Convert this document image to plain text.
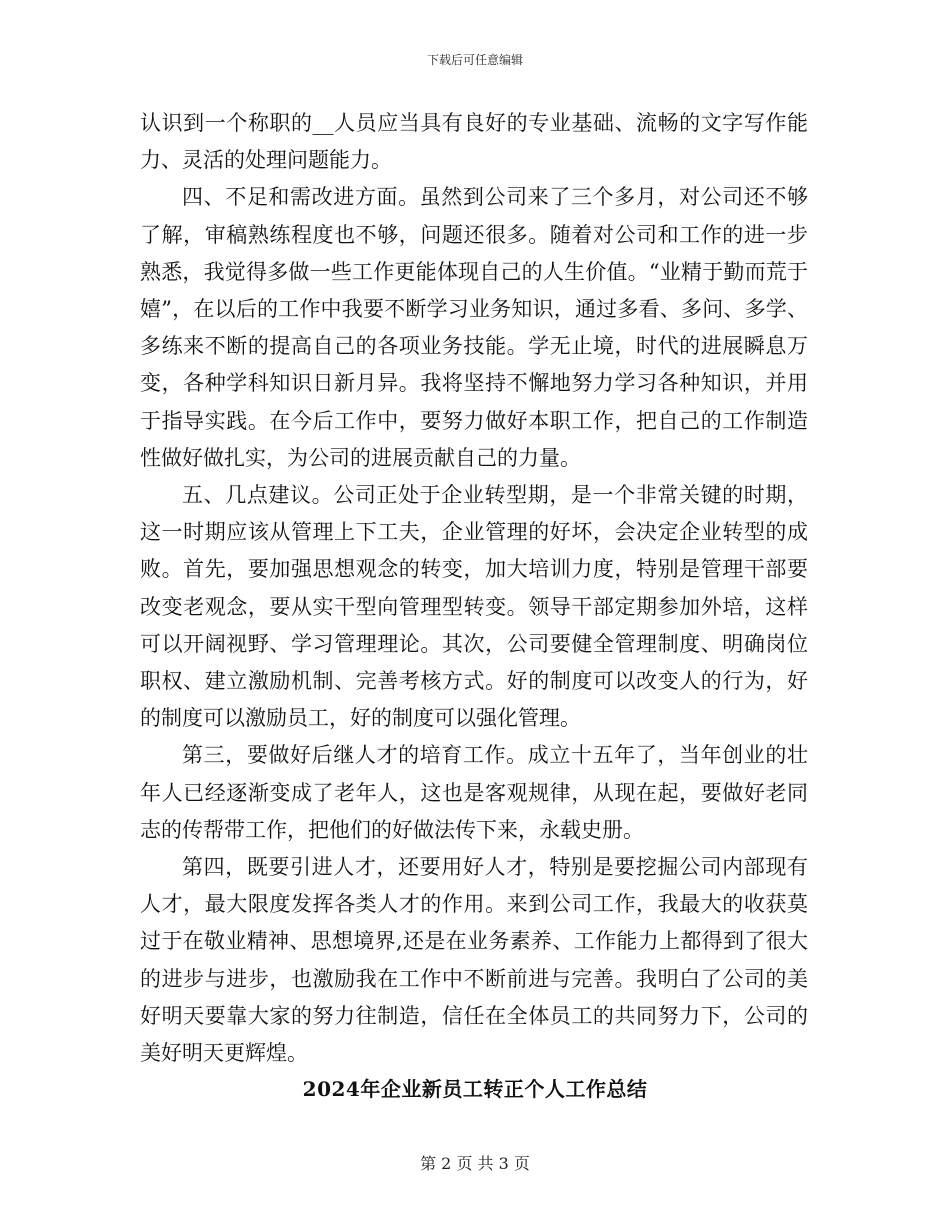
下载后可任意编辑

认识到一个称职的__人员应当具有良好的专业基础、流畅的文字写作能力、灵活的处理问题能力。

四、不足和需改进方面。虽然到公司来了三个多月，对公司还不够了解，审稿熟练程度也不够，问题还很多。随着对公司和工作的进一步熟悉，我觉得多做一些工作更能体现自己的人生价值。“业精于勤而荒于嬉”，在以后的工作中我要不断学习业务知识，通过多看、多问、多学、多练来不断的提高自己的各项业务技能。学无止境，时代的进展瞬息万变，各种学科知识日新月异。我将坚持不懈地努力学习各种知识，并用于指导实践。在今后工作中，要努力做好本职工作，把自己的工作制造性做好做扎实，为公司的进展贡献自己的力量。

五、几点建议。公司正处于企业转型期，是一个非常关键的时期，这一时期应该从管理上下工夫，企业管理的好坏，会决定企业转型的成败。首先，要加强思想观念的转变，加大培训力度，特别是管理干部要改变老观念，要从实干型向管理型转变。领导干部定期参加外培，这样可以开阔视野、学习管理理论。其次，公司要健全管理制度、明确岗位职权、建立激励机制、完善考核方式。好的制度可以改变人的行为，好的制度可以激励员工，好的制度可以强化管理。

第三，要做好后继人才的培育工作。成立十五年了，当年创业的壮年人已经逐渐变成了老年人，这也是客观规律，从现在起，要做好老同志的传帮带工作，把他们的好做法传下来，永载史册。

第四，既要引进人才，还要用好人才，特别是要挖掘公司内部现有人才，最大限度发挥各类人才的作用。来到公司工作，我最大的收获莫过于在敬业精神、思想境界,还是在业务素养、工作能力上都得到了很大的进步与进步，也激励我在工作中不断前进与完善。我明白了公司的美好明天要靠大家的努力往制造，信任在全体员工的共同努力下，公司的美好明天更辉煌。

2024年企业新员工转正个人工作总结
第 2 页 共 3 页
